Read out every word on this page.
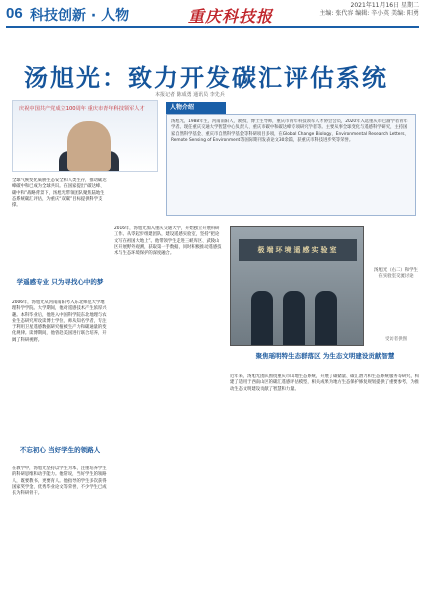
06 科技创新 · 人物	重庆科技报
2021年11月16日 星期二
主编: 张代容 编辑: 辛小英 美编: 阳勇
汤旭光：致力开发碳汇评估系统
本报记者 陈成勇 通讯员 李先兵
庆祝中国共产党成立100周年 重庆市青年科技领军人才	人物介绍
汤旭光，1988年生，河南南阳人，教授，博士生导师，重庆市青年科技领军人才协会会员，2020年入选重庆市巴渝学者青年学者。现任重庆交通大学智慧中心负责人、重庆市碳中和碳达峰专项研究学者等。主要从事全球变化与遥感科学研究，主持国家自然科学基金、重庆市自然科学基金等科研项目多项，在Global Change Biology、Environmental Research Letters、Remote Sensing of Environment等国际期刊发表论文30余篇，获重庆市科技进步奖等荣誉。
全球气候变化威胁生态安全和人类生存，推动碳达峰碳中和已成为全球共识。在国家提出“碳达峰、碳中和”战略背景下，汤旭光带领团队聚焦陆地生态系统碳汇评估，为重庆“双碳”目标提供科学支撑。
学遥感专业 只为寻找心中的梦
2006年，汤旭光从河南南阳考入东北师范大学地理科学学院。大学期间，他对遥感技术产生浓厚兴趣。本科毕业后，他进入中国科学院东北地理与农业生态研究所攻读博士学位，师从知名学者，专注于利用卫星遥感数据研究植被生产力和碳通量的变化规律。读博期间，他曾赴美国进行联合培养，开阔了科研视野。
不忘初心 当好学生的领路人
在教学中，汤旭光坚持以学生为本，注重培养学生的科研思维和动手能力。他常说，当好学生的领路人，既要教书，更要育人。他指导的学生多次获得国家奖学金、优秀毕业论文等荣誉，不少学生已成长为科研骨干。
2016年，汤旭光加入重庆交通大学，开始独立开展科研工作。从零起步组建团队，建设遥感实验室，坚持“把论文写在祖国大地上”。他带领学生走进三峡库区、武陵山区开展野外观测，获取第一手数据，同时积极推动遥感技术与生态环境保护的深度融合。	极端环境遥感实验室
汤旭光（右二）和学生在实验室交流讨论
受访者供图
聚焦瑶明特生态群落区 为生态文明建设贡献智慧
近年来，汤旭光团队围绕重庆市山地生态系统，开展了碳储量、碳汇潜力和生态系统服务等研究，构建了适用于西南山区的碳汇遥感评估模型，相关成果为地方生态保护修复规划提供了重要参考，为推动生态文明建设贡献了智慧和力量。
